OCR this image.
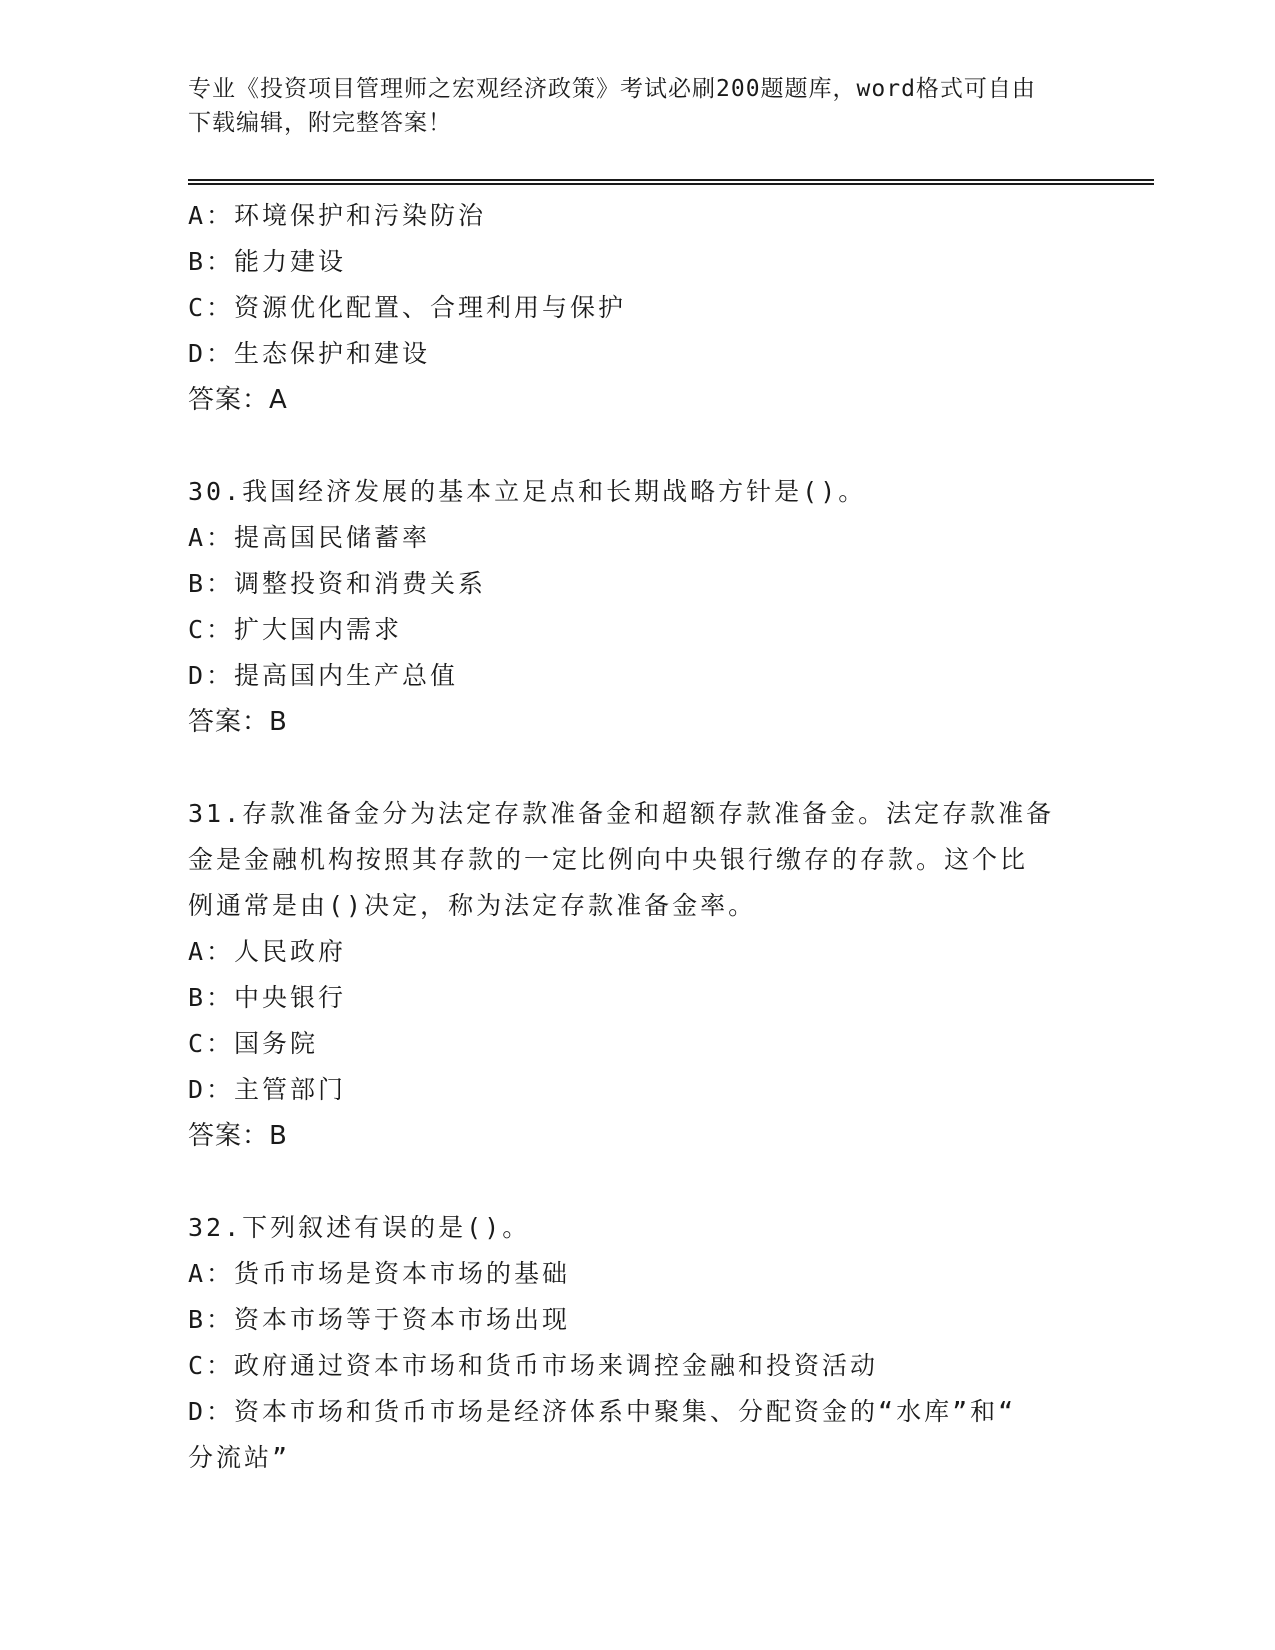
专业《投资项目管理师之宏观经济政策》考试必刷200题题库，word格式可自由
下载编辑，附完整答案！
A：环境保护和污染防治
B：能力建设
C：资源优化配置、合理利用与保护
D：生态保护和建设
答案：A
30.我国经济发展的基本立足点和长期战略方针是()。
A：提高国民储蓄率
B：调整投资和消费关系
C：扩大国内需求
D：提高国内生产总值
答案：B
31.存款准备金分为法定存款准备金和超额存款准备金。法定存款准备
金是金融机构按照其存款的一定比例向中央银行缴存的存款。这个比
例通常是由()决定，称为法定存款准备金率。
A：人民政府
B：中央银行
C：国务院
D：主管部门
答案：B
32.下列叙述有误的是()。
A：货币市场是资本市场的基础
B：资本市场等于资本市场出现
C：政府通过资本市场和货币市场来调控金融和投资活动
D：资本市场和货币市场是经济体系中聚集、分配资金的“水库”和“
分流站”
